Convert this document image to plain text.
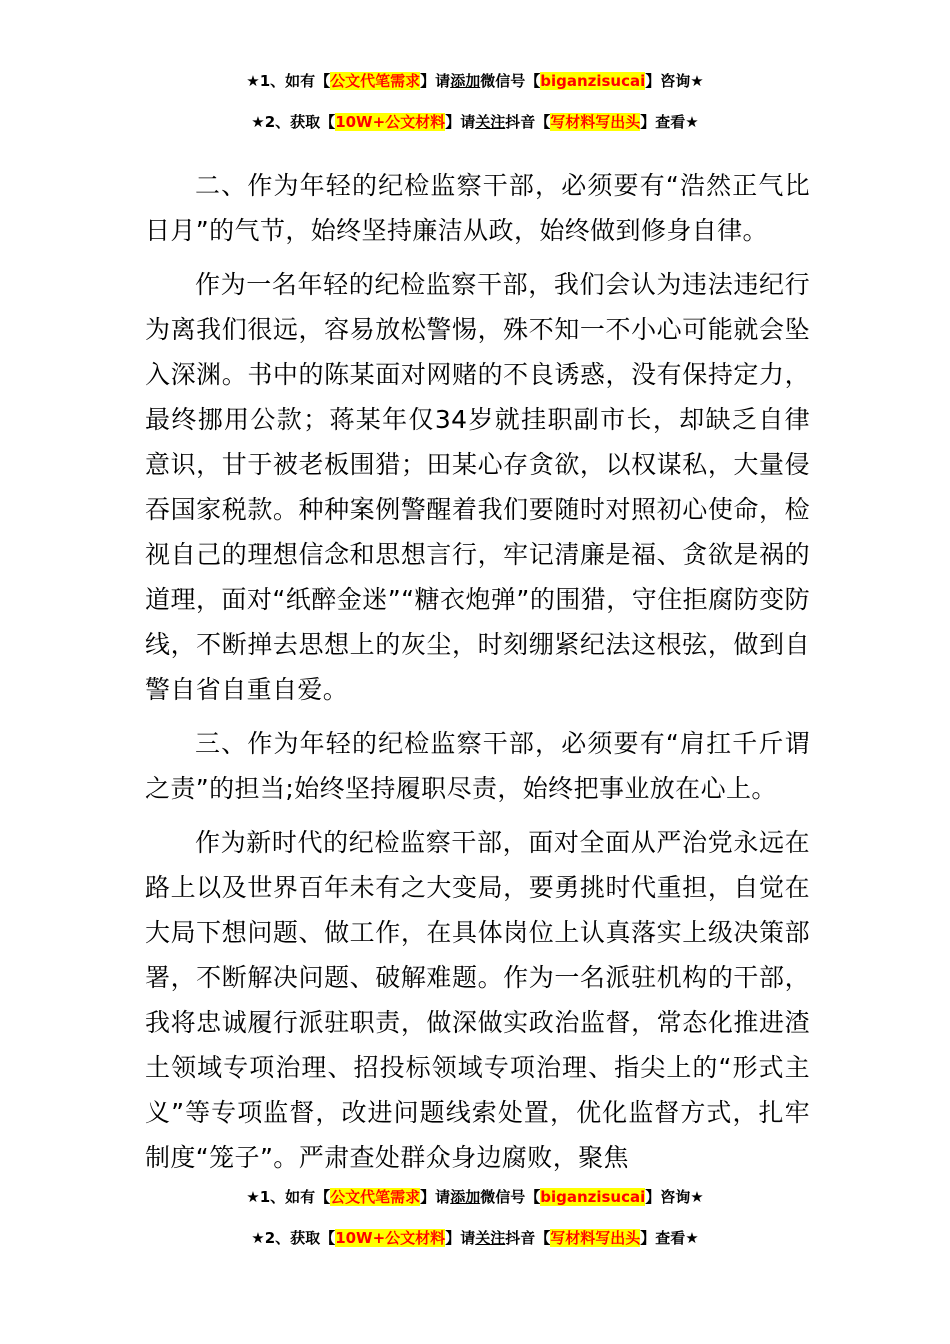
★1、如有【公文代笔需求】请添加微信号【biganzisucai】咨询★
★2、获取【10W+公文材料】请关注抖音【写材料写出头】查看★

二、作为年轻的纪检监察干部，必须要有“浩然正气比日月”的气节，始终坚持廉洁从政，始终做到修身自律。

作为一名年轻的纪检监察干部，我们会认为违法违纪行为离我们很远，容易放松警惕，殊不知一不小心可能就会坠入深渊。书中的陈某面对网赌的不良诱惑，没有保持定力，最终挪用公款；蒋某年仅34岁就挂职副市长，却缺乏自律意识，甘于被老板围猎；田某心存贪欲，以权谋私，大量侵吞国家税款。种种案例警醒着我们要随时对照初心使命，检视自己的理想信念和思想言行，牢记清廉是福、贪欲是祸的道理，面对“纸醉金迷”“糖衣炮弹”的围猎，守住拒腐防变防线，不断掸去思想上的灰尘，时刻绷紧纪法这根弦，做到自警自省自重自爱。

三、作为年轻的纪检监察干部，必须要有“肩扛千斤谓之责”的担当;始终坚持履职尽责，始终把事业放在心上。

作为新时代的纪检监察干部，面对全面从严治党永远在路上以及世界百年未有之大变局，要勇挑时代重担，自觉在大局下想问题、做工作，在具体岗位上认真落实上级决策部署，不断解决问题、破解难题。作为一名派驻机构的干部，我将忠诚履行派驻职责，做深做实政治监督，常态化推进渣土领域专项治理、招投标领域专项治理、指尖上的“形式主义”等专项监督，改进问题线索处置，优化监督方式，扎牢制度“笼子”。严肃查处群众身边腐败，聚焦

★1、如有【公文代笔需求】请添加微信号【biganzisucai】咨询★
★2、获取【10W+公文材料】请关注抖音【写材料写出头】查看★
